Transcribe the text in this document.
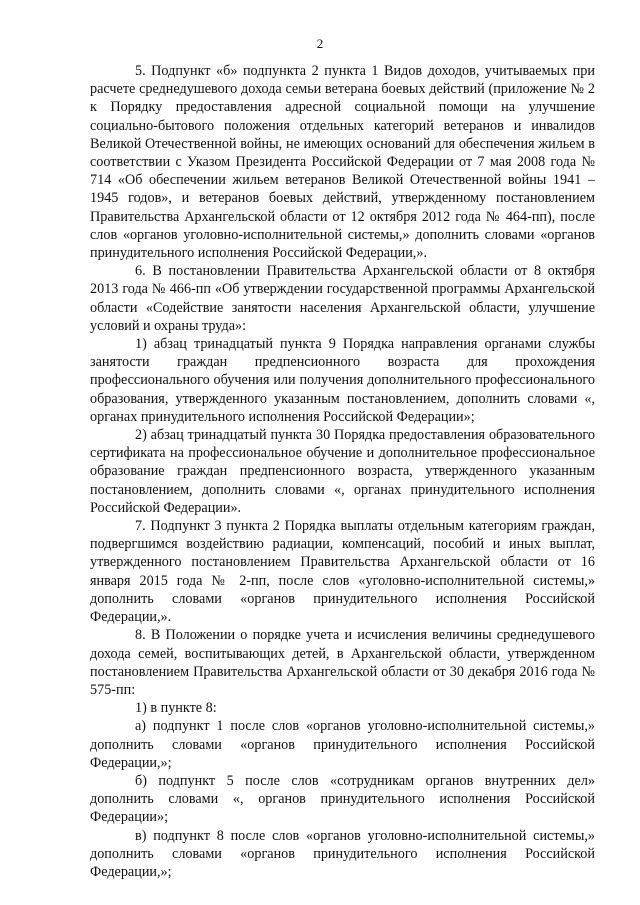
2

5. Подпункт «б» подпункта 2 пункта 1 Видов доходов, учитываемых при расчете среднедушевого дохода семьи ветерана боевых действий (приложение № 2 к Порядку предоставления адресной социальной помощи на улучшение социально-бытового положения отдельных категорий ветеранов и инвалидов Великой Отечественной войны, не имеющих оснований для обеспечения жильем в соответствии с Указом Президента Российской Федерации от 7 мая 2008 года № 714 «Об обеспечении жильем ветеранов Великой Отечественной войны 1941 – 1945 годов», и ветеранов боевых действий, утвержденному постановлением Правительства Архангельской области от 12 октября 2012 года № 464-пп), после слов «органов уголовно-исполнительной системы,» дополнить словами «органов принудительного исполнения Российской Федерации,».

6. В постановлении Правительства Архангельской области от 8 октября 2013 года № 466-пп «Об утверждении государственной программы Архангельской области «Содействие занятости населения Архангельской области, улучшение условий и охраны труда»:

1) абзац тринадцатый пункта 9 Порядка направления органами службы занятости граждан предпенсионного возраста для прохождения профессионального обучения или получения дополнительного профессионального образования, утвержденного указанным постановлением, дополнить словами «, органах принудительного исполнения Российской Федерации»;

2) абзац тринадцатый пункта 30 Порядка предоставления образовательного сертификата на профессиональное обучение и дополнительное профессиональное образование граждан предпенсионного возраста, утвержденного указанным постановлением, дополнить словами «, органах принудительного исполнения Российской Федерации».

7. Подпункт 3 пункта 2 Порядка выплаты отдельным категориям граждан, подвергшимся воздействию радиации, компенсаций, пособий и иных выплат, утвержденного постановлением Правительства Архангельской области от 16 января 2015 года № 2-пп, после слов «уголовно-исполнительной системы,» дополнить словами «органов принудительного исполнения Российской Федерации,».

8. В Положении о порядке учета и исчисления величины среднедушевого дохода семей, воспитывающих детей, в Архангельской области, утвержденном постановлением Правительства Архангельской области от 30 декабря 2016 года № 575-пп:

1) в пункте 8:

а) подпункт 1 после слов «органов уголовно-исполнительной системы,» дополнить словами «органов принудительного исполнения Российской Федерации,»;

б) подпункт 5 после слов «сотрудникам органов внутренних дел» дополнить словами «, органов принудительного исполнения Российской Федерации»;

в) подпункт 8 после слов «органов уголовно-исполнительной системы,» дополнить словами «органов принудительного исполнения Российской Федерации,»;
